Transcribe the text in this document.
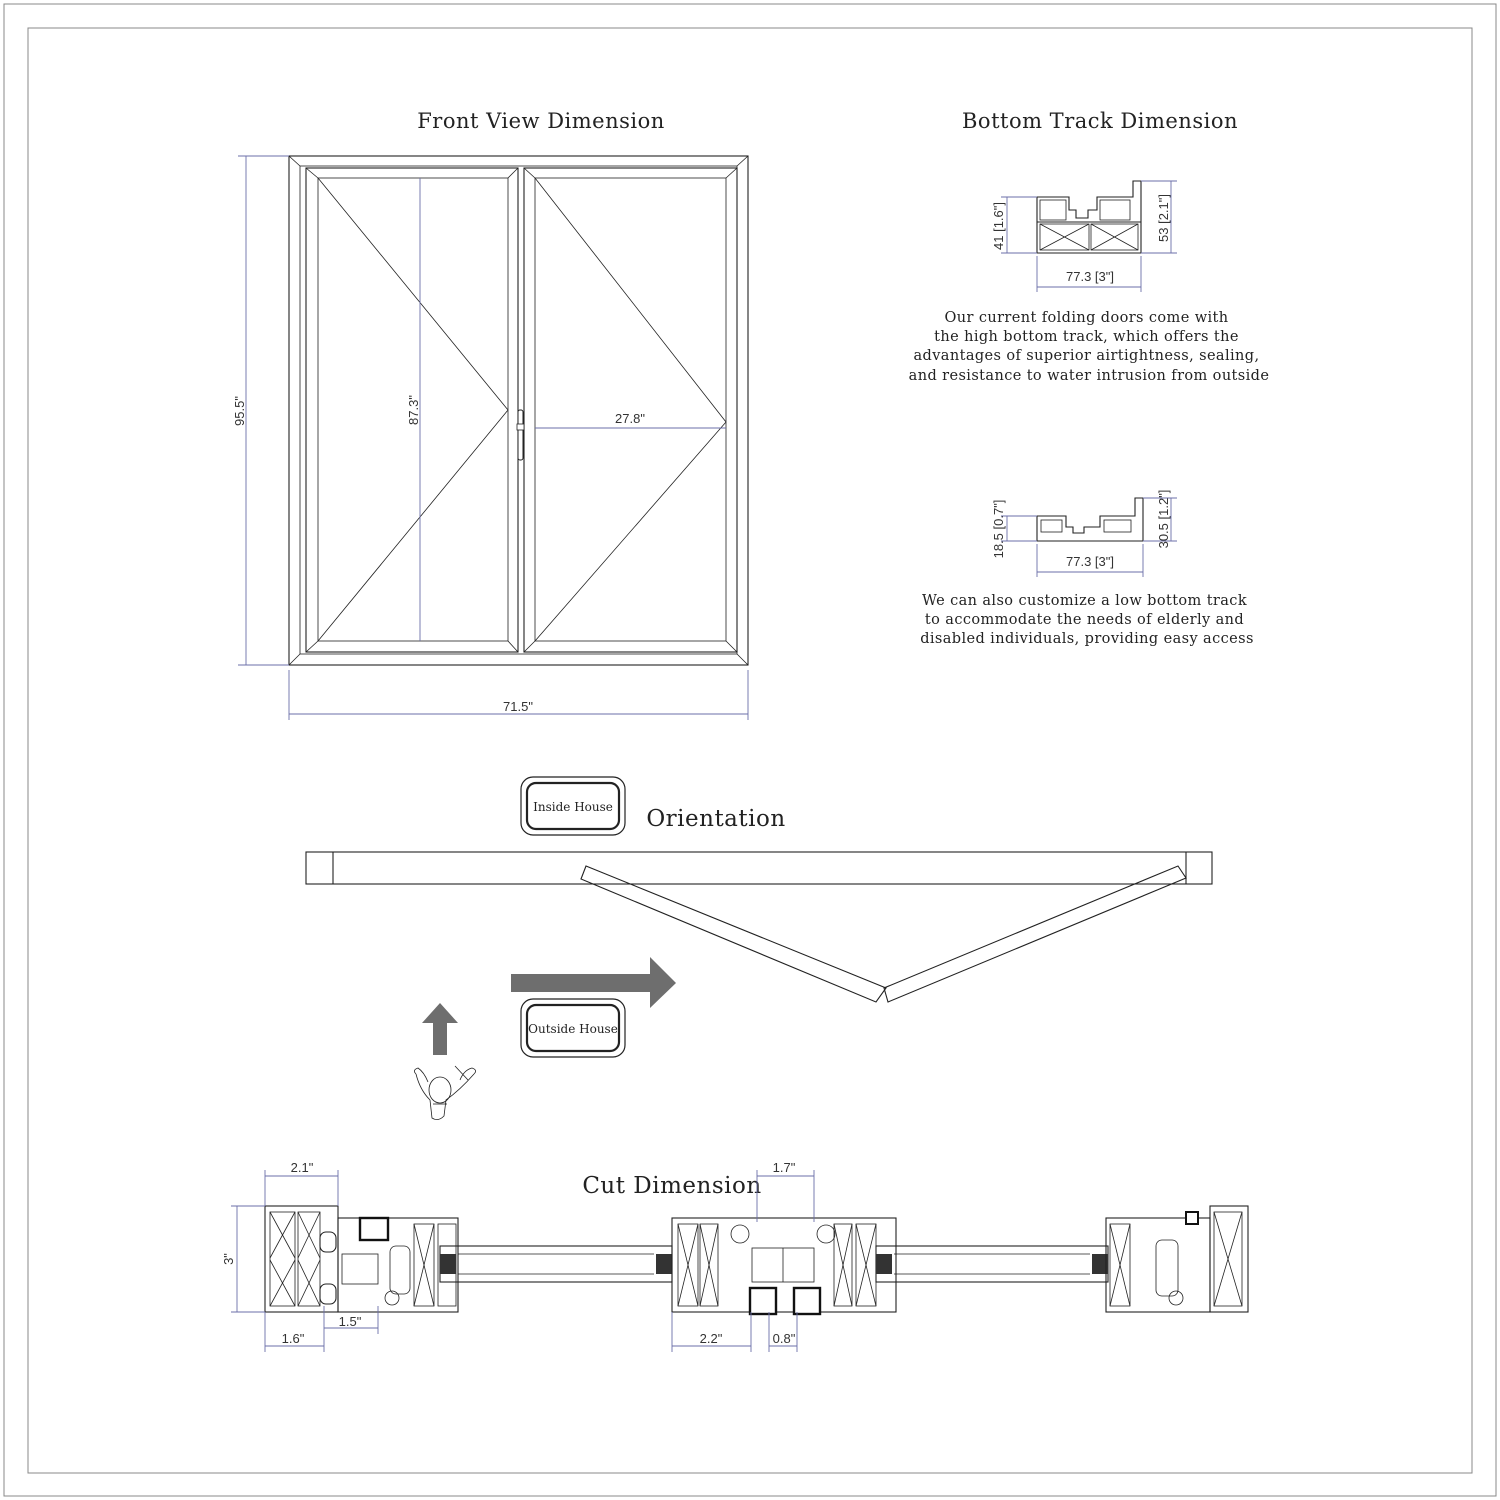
Front View Dimension
95.5"	87.3"	27.8"
71.5"
Bottom Track Dimension
41 [1.6"]	53 [2.1"]
77.3 [3"]
Our current folding doors come with the high bottom track, which offers the advantages of superior airtightness, sealing, and resistance to water intrusion from outside
18.5 [0.7"]	30.5 [1.2"]
77.3 [3"]
We can also customize a low bottom track to accommodate the needs of elderly and disabled individuals, providing easy access
Inside House Orientation
Outside House
Cut Dimension
2.1"	1.7"
3"
1.5"
1.6"	2.2"	0.8"
